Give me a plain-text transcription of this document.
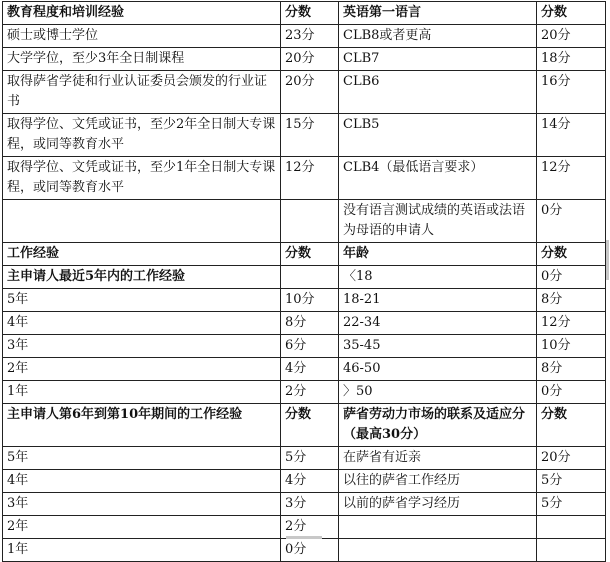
教育程度和培训经验	分数	英语第一语言	分数
硕士或博士学位	23分	CLB8或者更高	20分
大学学位，至少3年全日制课程	20分	CLB7	18分
取得萨省学徒和行业认证委员会颁发的行业证书	20分	CLB6	16分
取得学位、文凭或证书，至少2年全日制大专课程，或同等教育水平	15分	CLB5	14分
取得学位、文凭或证书，至少1年全日制大专课程，或同等教育水平	12分	CLB4（最低语言要求）	12分
		没有语言测试成绩的英语或法语为母语的申请人	0分
工作经验	分数	年龄	分数
主申请人最近5年内的工作经验		〈18	0分
5年	10分	18-21	8分
4年	8分	22-34	12分
3年	6分	35-45	10分
2年	4分	46-50	8分
1年	2分	〉50	0分
主申请人第6年到第10年期间的工作经验	分数	萨省劳动力市场的联系及适应分（最高30分）	分数
5年	5分	在萨省有近亲	20分
4年	4分	以往的萨省工作经历	5分
3年	3分	以前的萨省学习经历	5分
2年	2分		
1年	0分		
